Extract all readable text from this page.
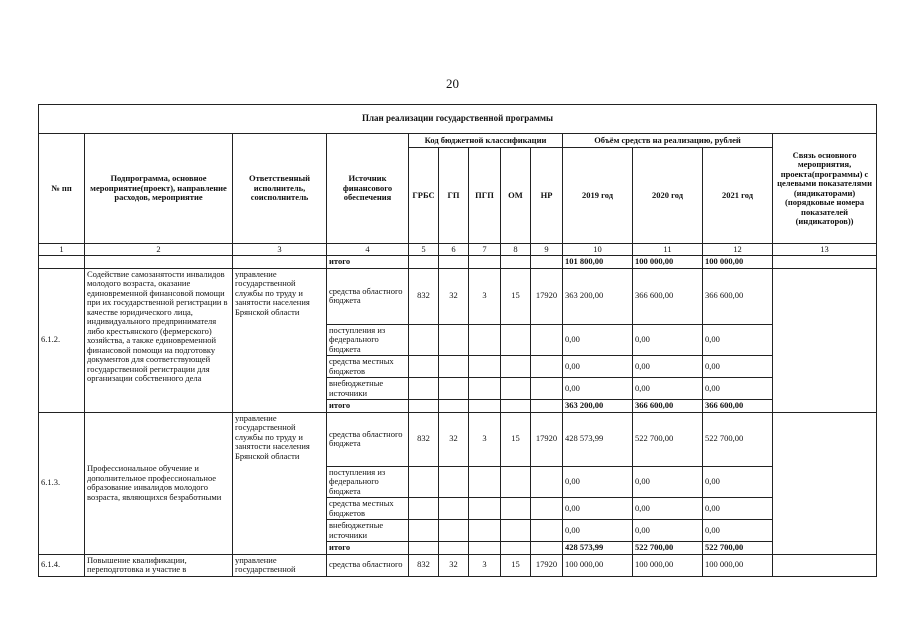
20
План реализации государственной программы												
№ пп	Подпрограмма, основное мероприятие(проект), направление расходов, мероприятие	Ответственный исполнитель, соисполнитель	Источник финансового обеспечения	Код бюджетной классификации					Объём средств на реализацию, рублей			Связь основного мероприятия, проекта(программы) с целевыми показателями (индикаторами) (порядковые номера показателей (индикаторов))
				ГРБС	ГП	ПГП	ОМ	НР	2019 год	2020 год	2021 год	
1	2	3	4	5	6	7	8	9	10	11	12	13
			итого						101 800,00	100 000,00	100 000,00	
6.1.2.	Содействие самозанятости инвалидов молодого возраста, оказание единовременной финансовой помощи при их государственной регистрации в качестве юридического лица, индивидуального предпринимателя либо крестьянского (фермерского) хозяйства, а также единовременной финансовой помощи на подготовку документов для соответствующей государственной регистрации для организации собственного дела	управление государственной службы по труду и занятости населения Брянской области	средства областного бюджета	832	32	3	15	17920	363 200,00	366 600,00	366 600,00	
			поступления из федерального бюджета						0,00	0,00	0,00	
			средства местных бюджетов						0,00	0,00	0,00	
			внебюджетные источники						0,00	0,00	0,00	
			итого						363 200,00	366 600,00	366 600,00	
6.1.3.	Профессиональное обучение и дополнительное профессиональное образование инвалидов молодого возраста, являющихся безработными	управление государственной службы по труду и занятости населения Брянской области	средства областного бюджета	832	32	3	15	17920	428 573,99	522 700,00	522 700,00	
			поступления из федерального бюджета						0,00	0,00	0,00	
			средства местных бюджетов						0,00	0,00	0,00	
			внебюджетные источники						0,00	0,00	0,00	
			итого						428 573,99	522 700,00	522 700,00	
6.1.4.	Повышение квалификации, переподготовка и участие в	управление государственной	средства областного	832	32	3	15	17920	100 000,00	100 000,00	100 000,00	
